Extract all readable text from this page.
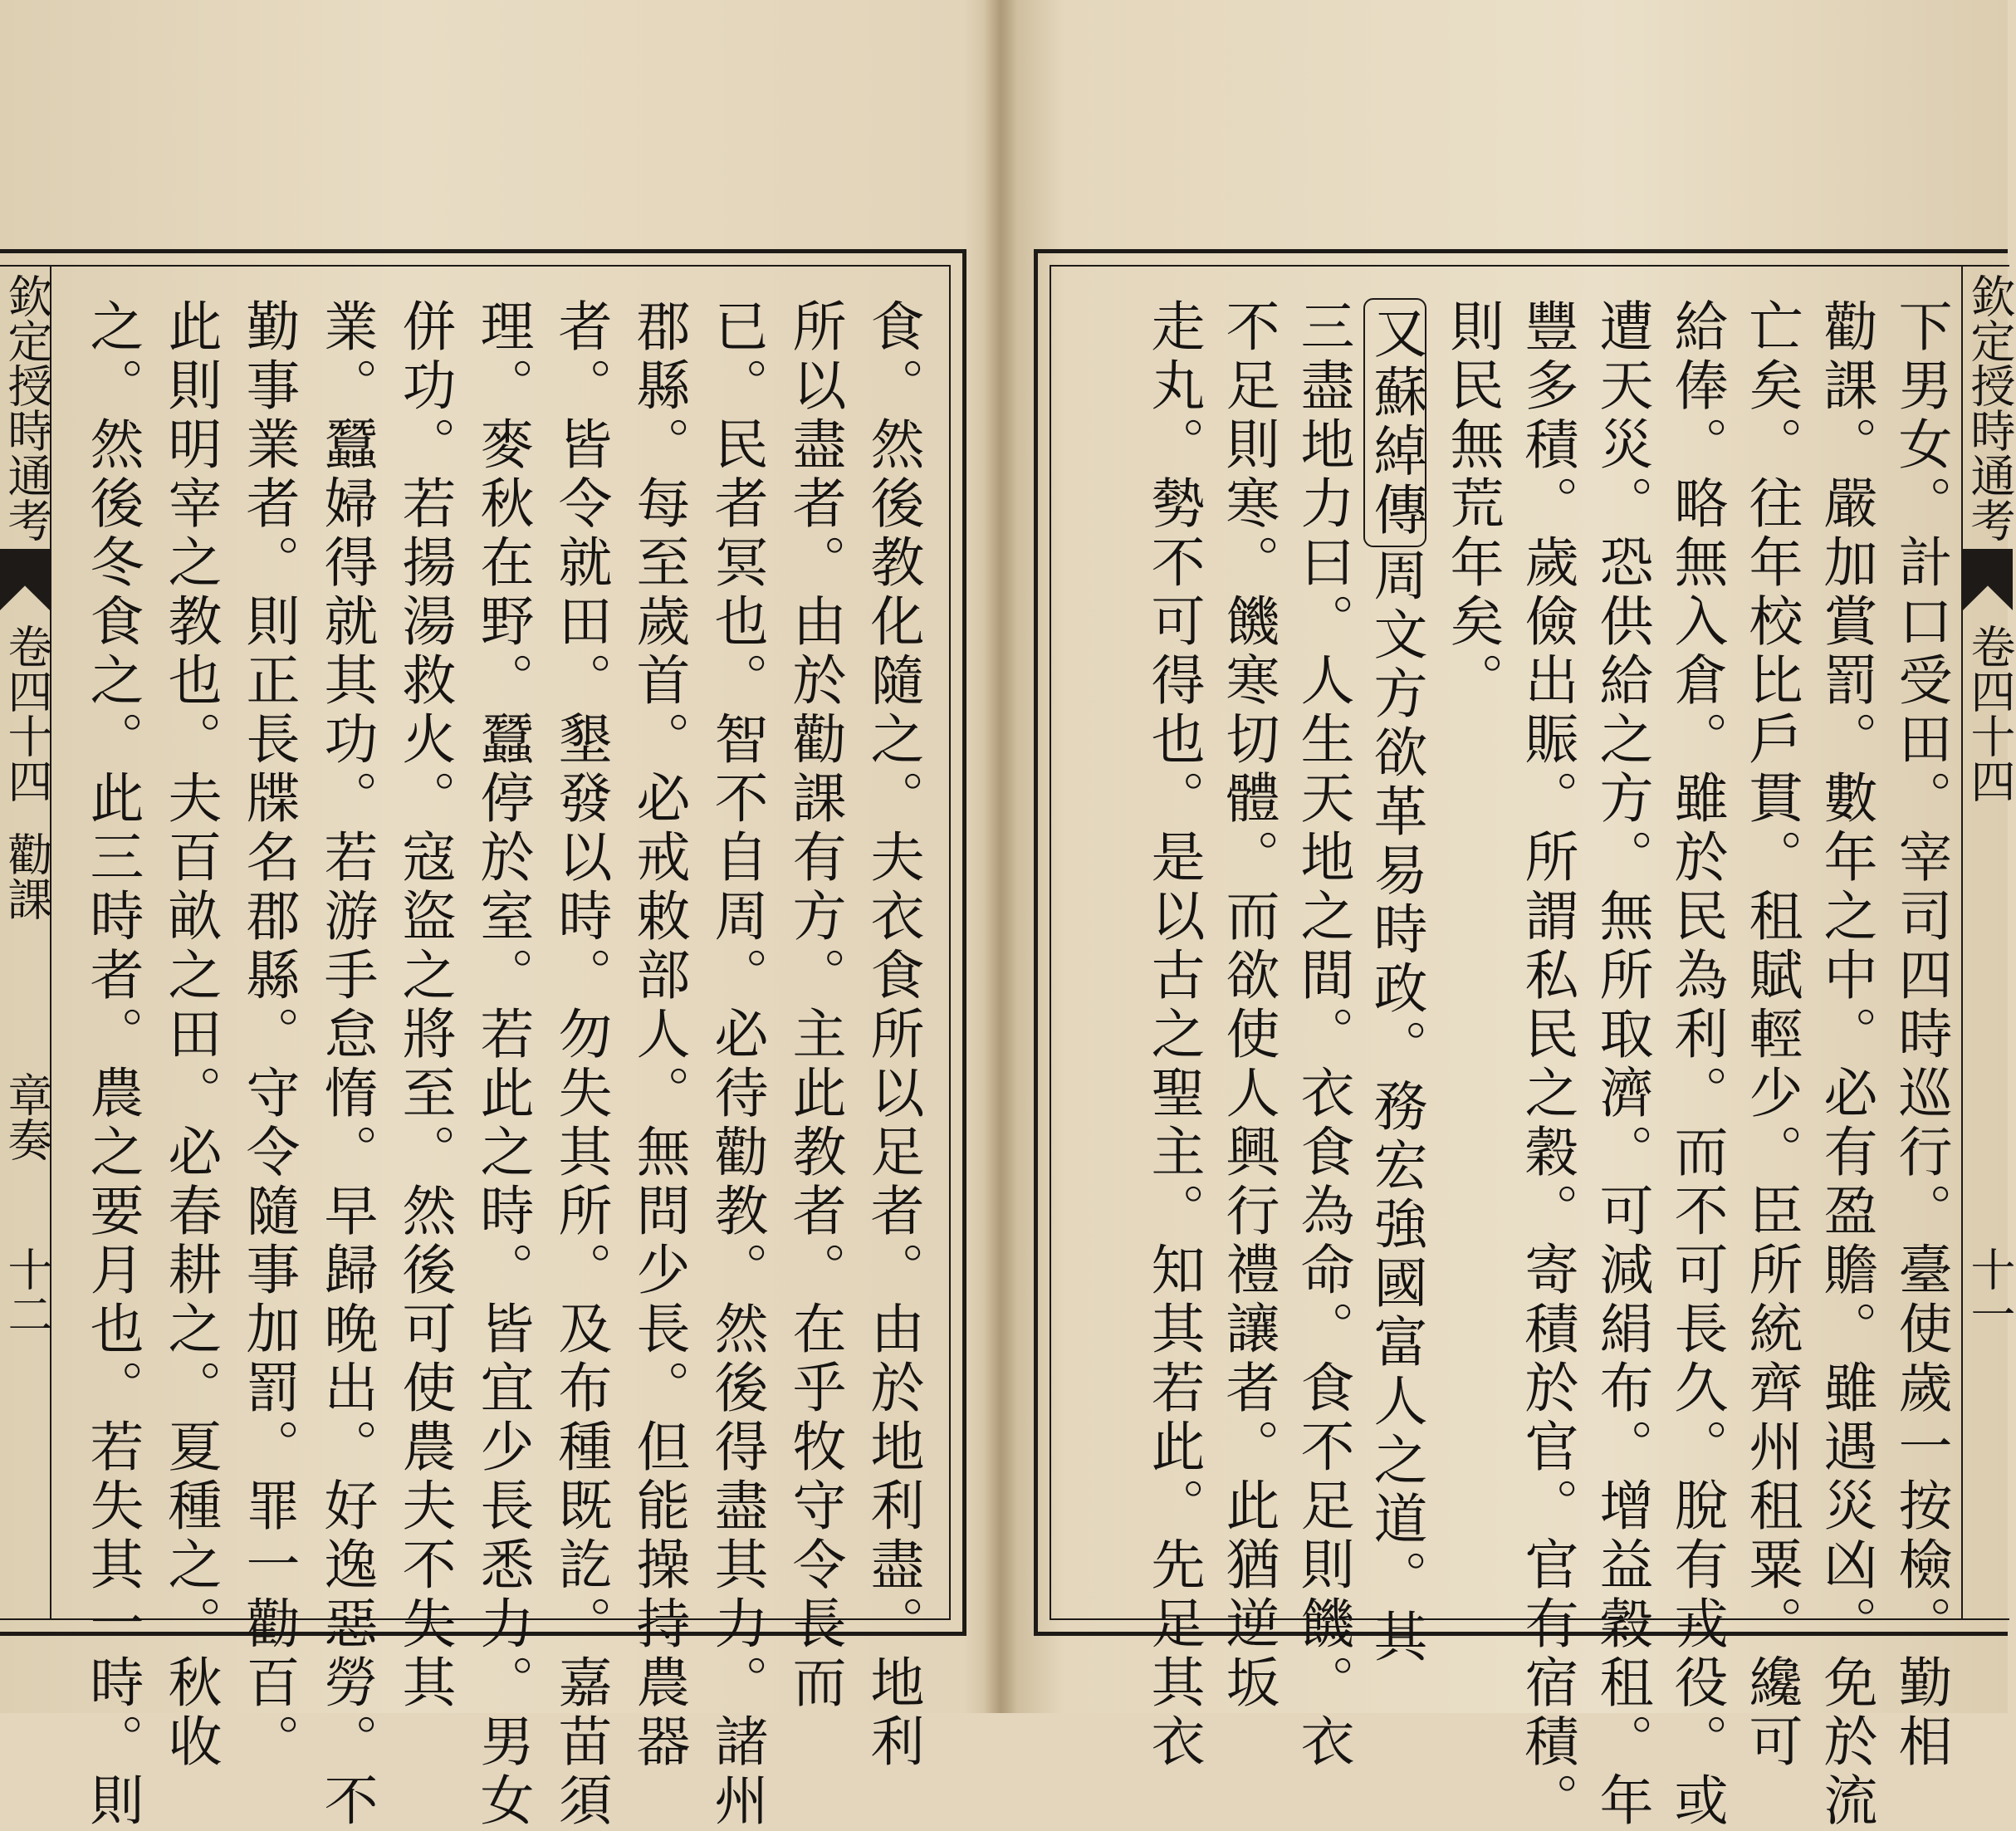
欽定授時通考
卷四十四
勸課
章奏
十二	食。然後教化隨之。夫衣食所以足者。由於地利盡。地利
所以盡者。由於勸課有方。主此教者。在乎牧守令長而
已。民者冥也。智不自周。必待勸教。然後得盡其力。諸州
郡縣。每至歲首。必戒敕部人。無問少長。但能操持農器
者。皆令就田。墾發以時。勿失其所。及布種既訖。嘉苗須
理。麥秋在野。蠶停於室。若此之時。皆宜少長悉力。男女
併功。若揚湯救火。寇盜之將至。然後可使農夫不失其
業。蠶婦得就其功。若游手怠惰。早歸晚出。好逸惡勞。不
勤事業者。則正長牒名郡縣。守令隨事加罰。罪一勸百。
此則明宰之教也。夫百畝之田。必春耕之。夏種之。秋收
之。然後冬食之。此三時者。農之要月也。若失其一時。則	下男女。計口受田。宰司四時巡行。臺使歲一按檢。勤相
勸課。嚴加賞罰。數年之中。必有盈贍。雖遇災凶。免於流
亡矣。往年校比戶貫。租賦輕少。臣所統齊州租粟。纔可
給俸。略無入倉。雖於民為利。而不可長久。脫有戎役。或
遭天災。恐供給之方。無所取濟。可減絹布。增益穀租。年
豐多積。歲儉出賑。所謂私民之穀。寄積於官。官有宿積。
則民無荒年矣。
又蘇綽傳周文方欲革易時政。務宏強國富人之道。其
三盡地力曰。人生天地之間。衣食為命。食不足則饑。衣
不足則寒。饑寒切體。而欲使人興行禮讓者。此猶逆坂
走丸。勢不可得也。是以古之聖主。知其若此。先足其衣	欽定授時通考
卷四十四
十一
